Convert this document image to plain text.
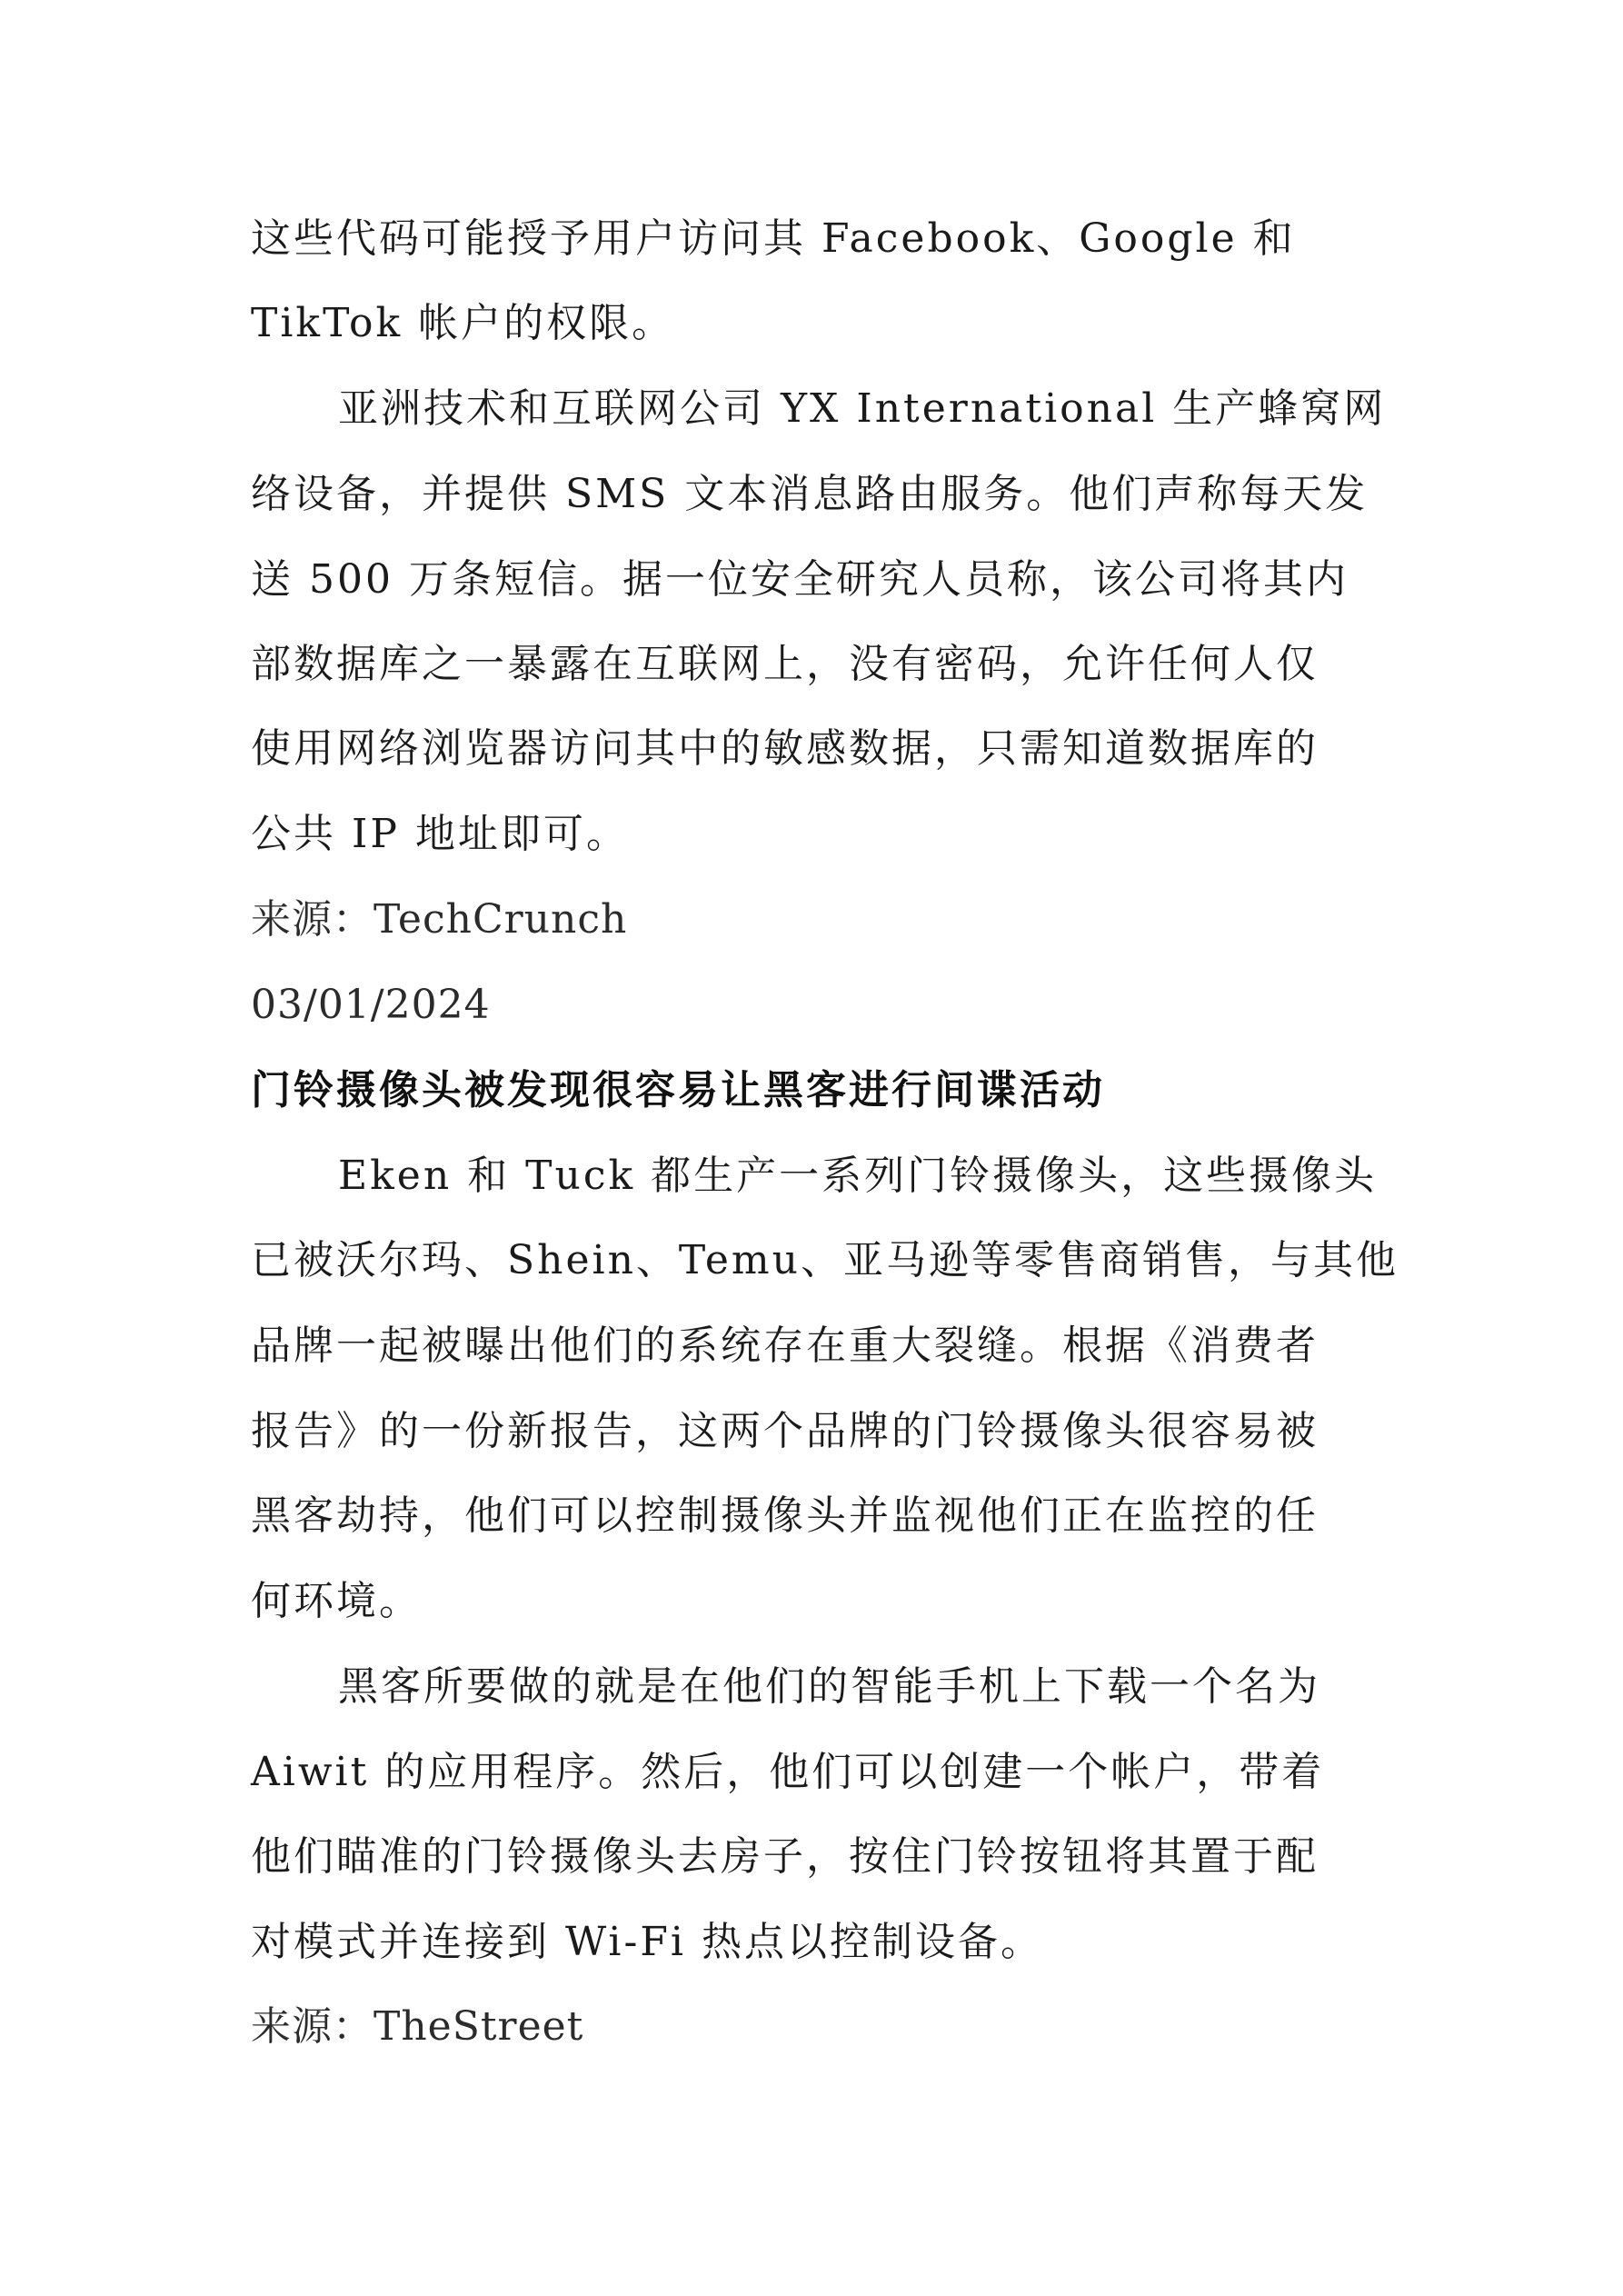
这些代码可能授予用户访问其 Facebook、Google 和
TikTok 帐户的权限。
亚洲技术和互联网公司 YX International 生产蜂窝网
络设备，并提供 SMS 文本消息路由服务。他们声称每天发
送 500 万条短信。据一位安全研究人员称，该公司将其内
部数据库之一暴露在互联网上，没有密码，允许任何人仅
使用网络浏览器访问其中的敏感数据，只需知道数据库的
公共 IP 地址即可。
来源：TechCrunch
03/01/2024
门铃摄像头被发现很容易让黑客进行间谍活动
Eken 和 Tuck 都生产一系列门铃摄像头，这些摄像头
已被沃尔玛、Shein、Temu、亚马逊等零售商销售，与其他
品牌一起被曝出他们的系统存在重大裂缝。根据《消费者
报告》的一份新报告，这两个品牌的门铃摄像头很容易被
黑客劫持，他们可以控制摄像头并监视他们正在监控的任
何环境。
黑客所要做的就是在他们的智能手机上下载一个名为
Aiwit 的应用程序。然后，他们可以创建一个帐户，带着
他们瞄准的门铃摄像头去房子，按住门铃按钮将其置于配
对模式并连接到 Wi-Fi 热点以控制设备。
来源：TheStreet
